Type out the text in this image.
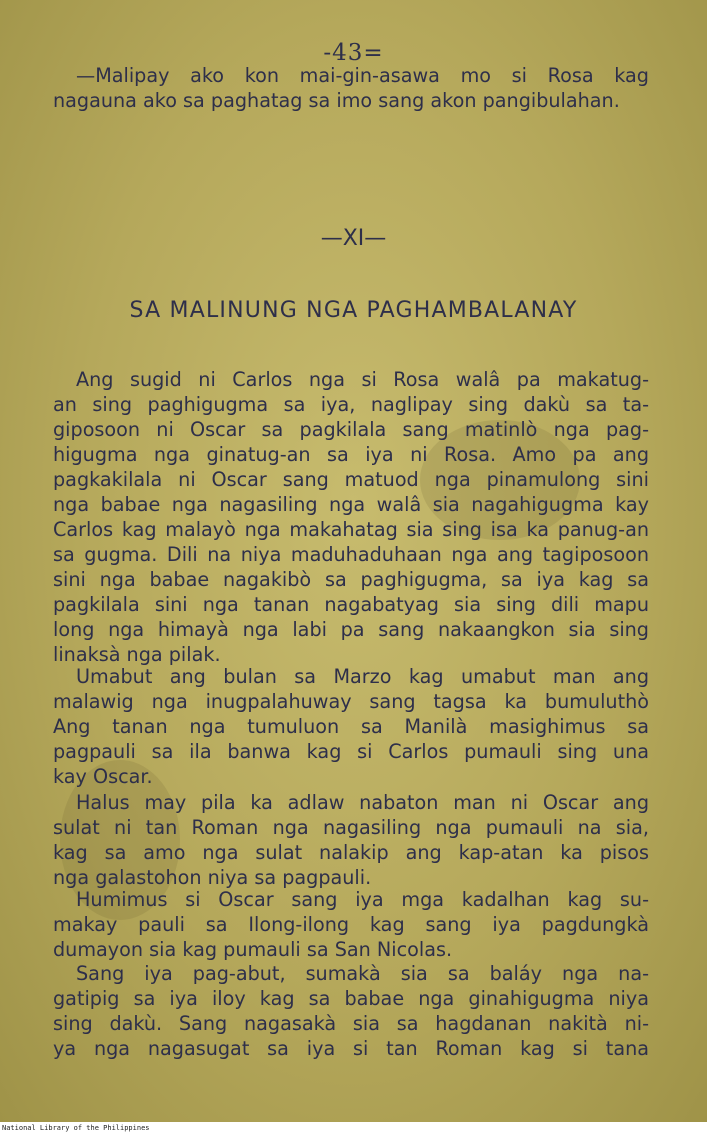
-43=
—Malipay ako kon mai-gin-asawa mo si Rosa kag
nagauna ako sa paghatag sa imo sang akon pangibulahan.
—XI—
SA MALINUNG NGA PAGHAMBALANAY
Ang sugid ni Carlos nga si Rosa walâ pa makatug-
an sing paghigugma sa iya, naglipay sing dakù sa ta-
giposoon ni Oscar sa pagkilala sang matinlò nga pag-
higugma nga ginatug-an sa iya ni Rosa. Amo pa ang
pagkakilala ni Oscar sang matuod nga pinamulong sini
nga babae nga nagasiling nga walâ sia nagahigugma kay
Carlos kag malayò nga makahatag sia sing isa ka panug-an
sa gugma. Dili na niya maduhaduhaan nga ang tagiposoon
sini nga babae nagakibò sa paghigugma, sa iya kag sa
pagkilala sini nga tanan nagabatyag sia sing dili mapu
long nga himayà nga labi pa sang nakaangkon sia sing
linaksà nga pilak.
Umabut ang bulan sa Marzo kag umabut man ang
malawig nga inugpalahuway sang tagsa ka bumuluthò
Ang tanan nga tumuluon sa Manilà masighimus sa
pagpauli sa ila banwa kag si Carlos pumauli sing una
kay Oscar.
Halus may pila ka adlaw nabaton man ni Oscar ang
sulat ni tan Roman nga nagasiling nga pumauli na sia,
kag sa amo nga sulat nalakip ang kap-atan ka pisos
nga galastohon niya sa pagpauli.
Humimus si Oscar sang iya mga kadalhan kag su-
makay pauli sa Ilong-ilong kag sang iya pagdungkà
dumayon sia kag pumauli sa San Nicolas.
Sang iya pag-abut, sumakà sia sa baláy nga na-
gatipig sa iya iloy kag sa babae nga ginahigugma niya
sing dakù. Sang nagasakà sia sa hagdanan nakità ni-
ya nga nagasugat sa iya si tan Roman kag si tana
National Library of the Philippines
